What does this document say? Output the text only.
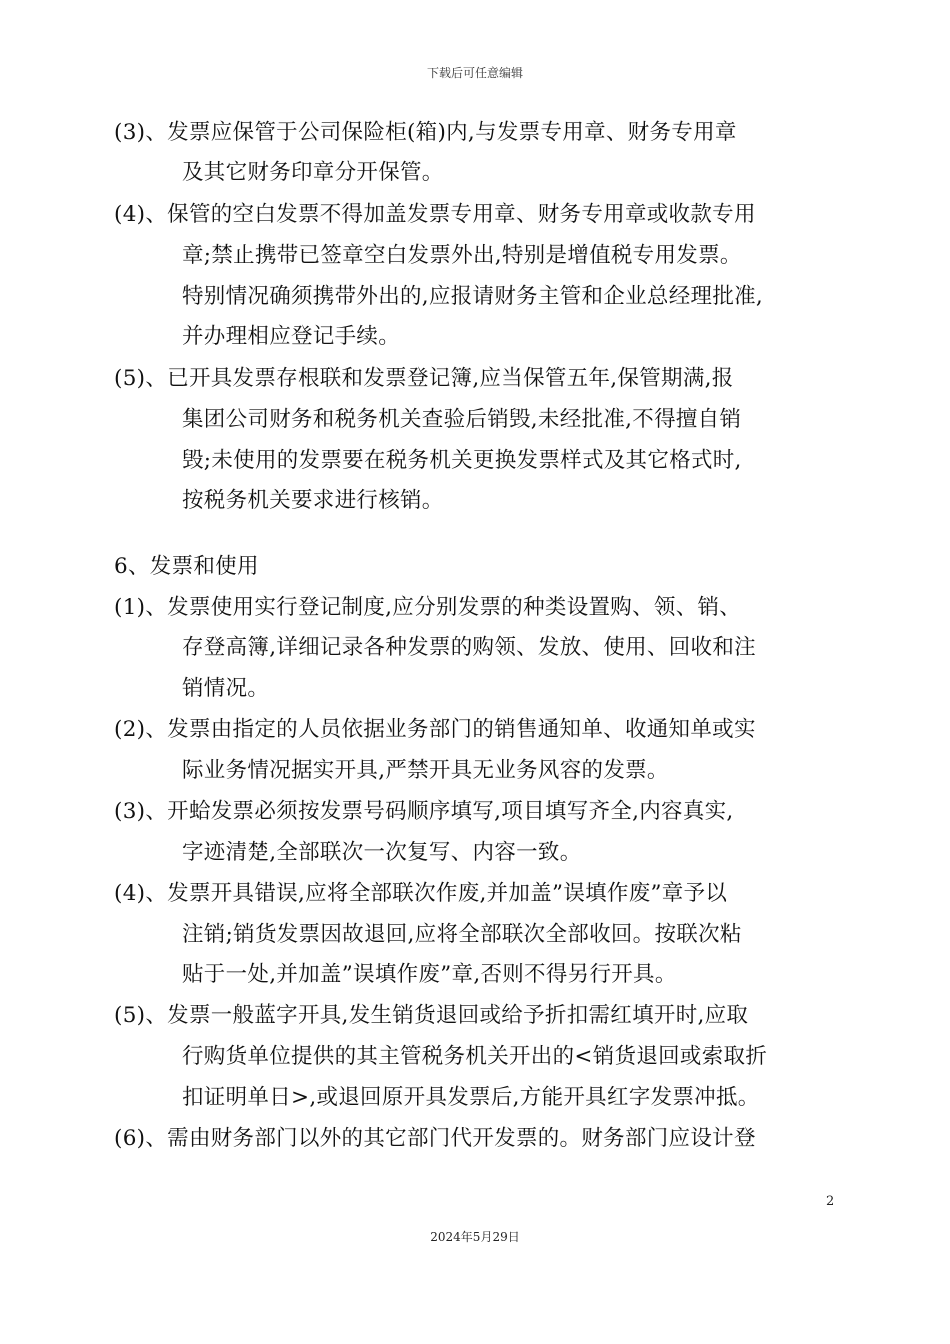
下载后可任意编辑
(3)、发票应保管于公司保险柜(箱)内,与发票专用章、财务专用章
及其它财务印章分开保管。
(4)、保管的空白发票不得加盖发票专用章、财务专用章或收款专用
章;禁止携带已签章空白发票外出,特别是增值税专用发票。
特别情况确须携带外出的,应报请财务主管和企业总经理批准,
并办理相应登记手续。
(5)、已开具发票存根联和发票登记簿,应当保管五年,保管期满,报
集团公司财务和税务机关查验后销毁,未经批准,不得擅自销
毁;未使用的发票要在税务机关更换发票样式及其它格式时,
按税务机关要求进行核销。
6、发票和使用
(1)、发票使用实行登记制度,应分别发票的种类设置购、领、销、
存登高簿,详细记录各种发票的购领、发放、使用、回收和注
销情况。
(2)、发票由指定的人员依据业务部门的销售通知单、收通知单或实
际业务情况据实开具,严禁开具无业务风容的发票。
(3)、开蛤发票必须按发票号码顺序填写,项目填写齐全,内容真实,
字迹清楚,全部联次一次复写、内容一致。
(4)、发票开具错误,应将全部联次作废,并加盖”误填作废”章予以
注销;销货发票因故退回,应将全部联次全部收回。按联次粘
贴于一处,并加盖”误填作废”章,否则不得另行开具。
(5)、发票一般蓝字开具,发生销货退回或给予折扣需红填开时,应取
行购货单位提供的其主管税务机关开出的<销货退回或索取折
扣证明单日>,或退回原开具发票后,方能开具红字发票冲抵。
(6)、需由财务部门以外的其它部门代开发票的。财务部门应设计登
2
2024年5月29日
